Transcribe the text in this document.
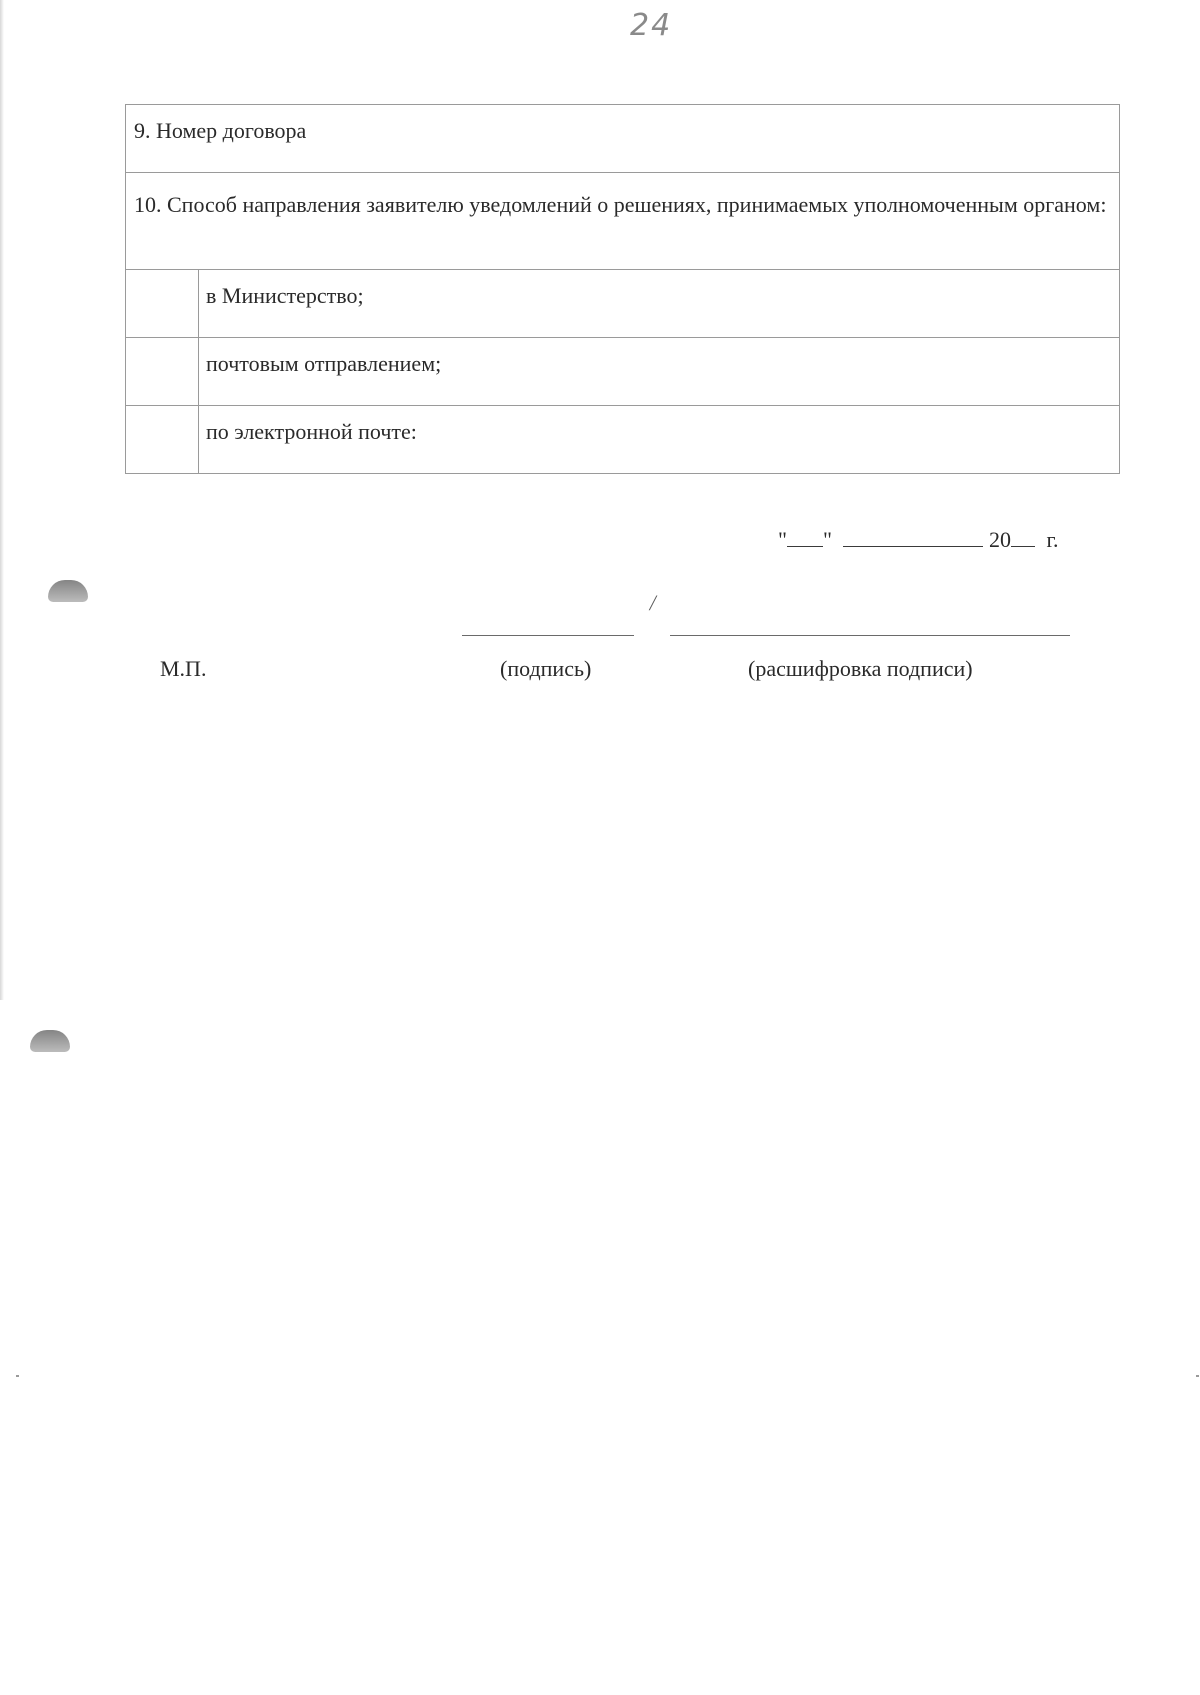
24
9. Номер договора	

10. Способ направления заявителю уведомлений о решениях, принимаемых уполномоченным органом:	

	в Министерство;

	почтовым отправлением;

	по электронной почте:
" "	20 г.
/
М.П.	(подпись)	(расшифровка подписи)
